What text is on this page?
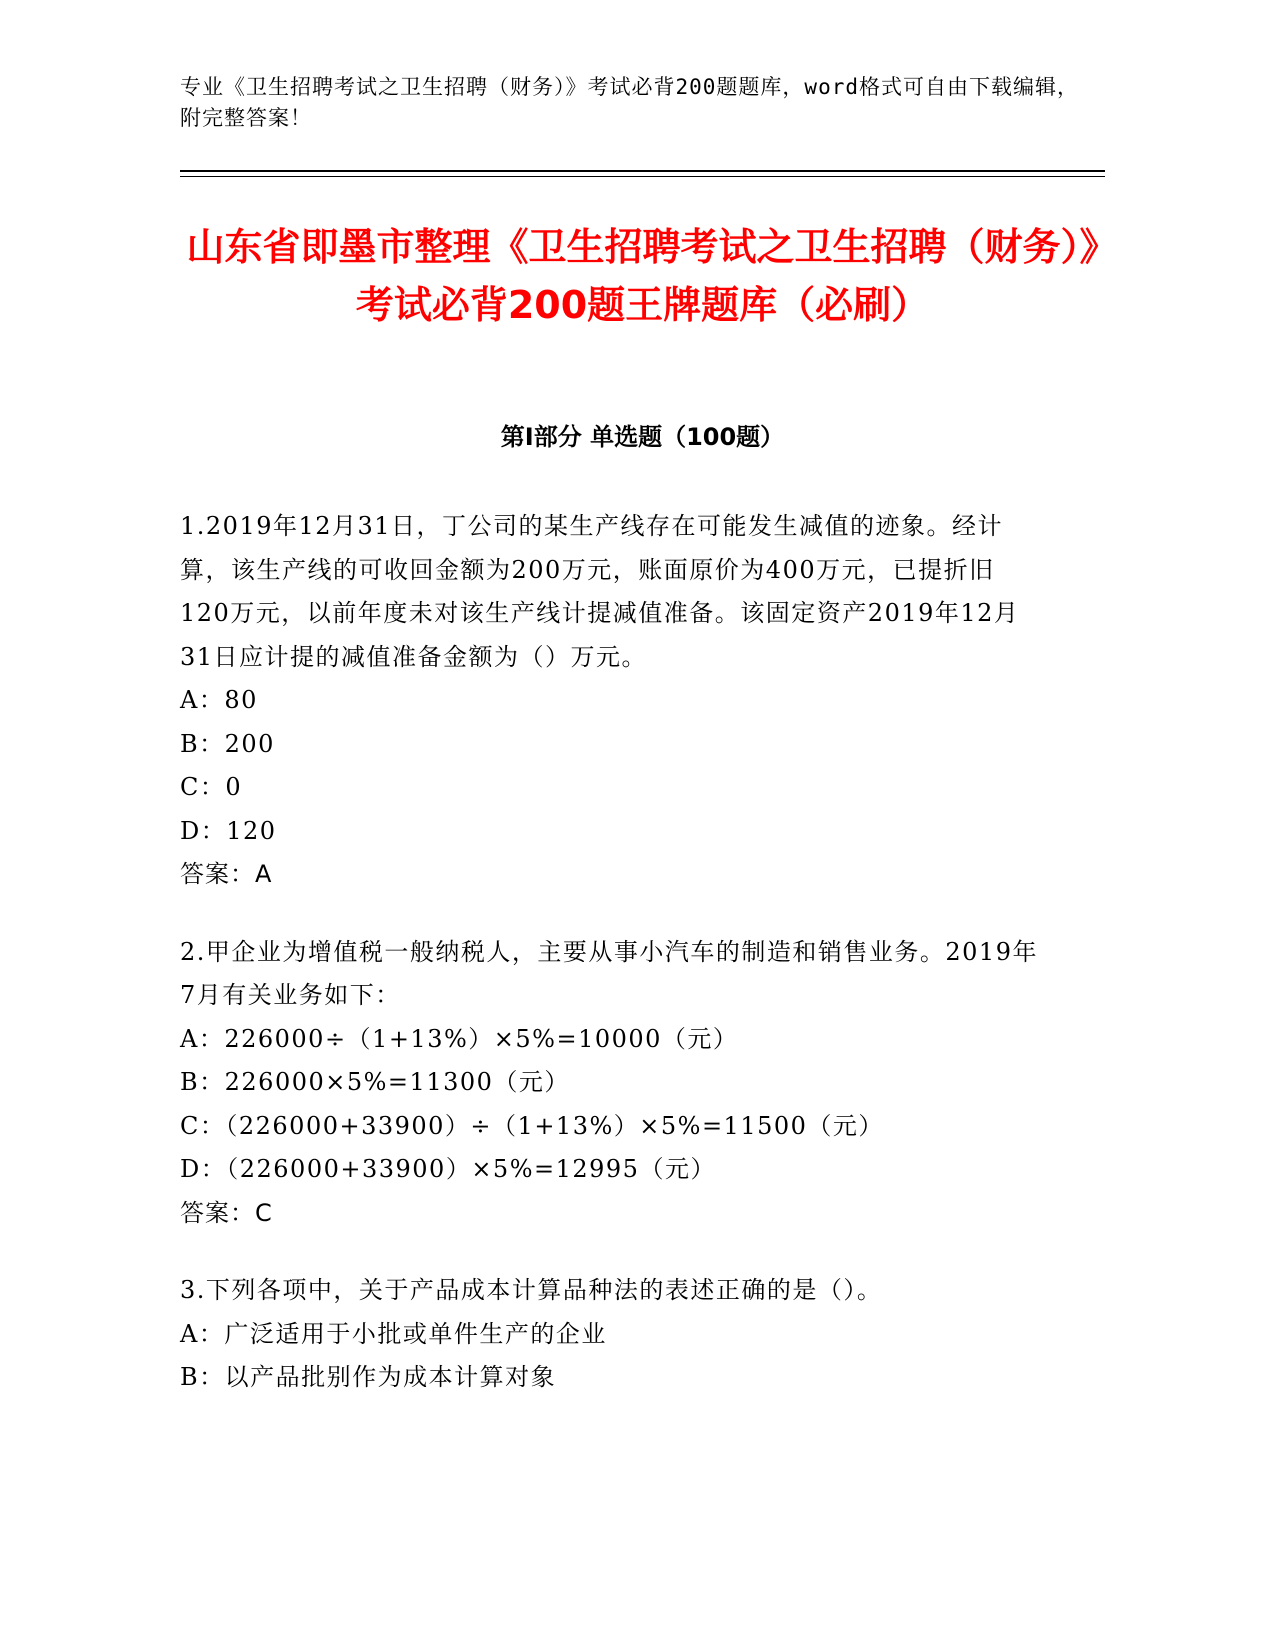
专业《卫生招聘考试之卫生招聘（财务）》考试必背200题题库，word格式可自由下载编辑，附完整答案！
山东省即墨市整理《卫生招聘考试之卫生招聘（财务）》考试必背200题王牌题库（必刷）
第Ⅰ部分 单选题（100题）
1.2019年12月31日，丁公司的某生产线存在可能发生减值的迹象。经计算，该生产线的可收回金额为200万元，账面原价为400万元，已提折旧120万元，以前年度未对该生产线计提减值准备。该固定资产2019年12月31日应计提的减值准备金额为（）万元。
A：80
B：200
C：0
D：120
答案：A
2.甲企业为增值税一般纳税人，主要从事小汽车的制造和销售业务。2019年7月有关业务如下：
A：226000÷（1+13%）×5%=10000（元）
B：226000×5%=11300（元）
C：（226000+33900）÷（1+13%）×5%=11500（元）
D：（226000+33900）×5%=12995（元）
答案：C
3.下列各项中，关于产品成本计算品种法的表述正确的是（）。
A：广泛适用于小批或单件生产的企业
B：以产品批别作为成本计算对象
